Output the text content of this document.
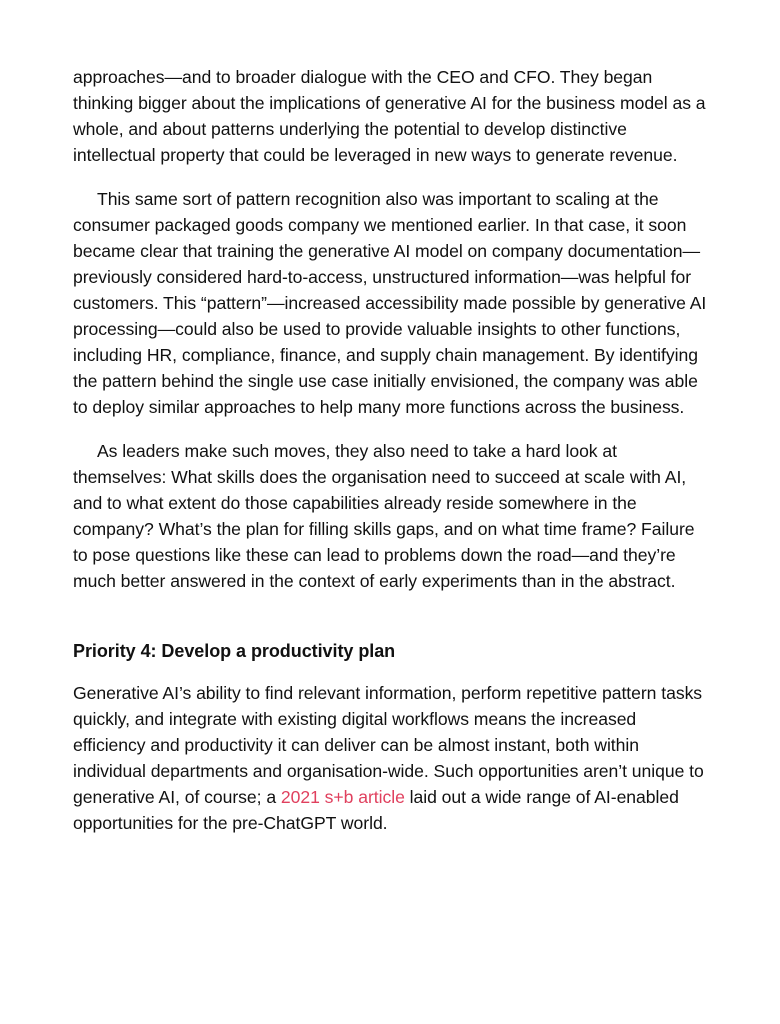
approaches—and to broader dialogue with the CEO and CFO. They began thinking bigger about the implications of generative AI for the business model as a whole, and about patterns underlying the potential to develop distinctive intellectual property that could be leveraged in new ways to generate revenue.

This same sort of pattern recognition also was important to scaling at the consumer packaged goods company we mentioned earlier. In that case, it soon became clear that training the generative AI model on company documentation—previously considered hard-to-access, unstructured information—was helpful for customers. This “pattern”—increased accessibility made possible by generative AI processing—could also be used to provide valuable insights to other functions, including HR, compliance, finance, and supply chain management. By identifying the pattern behind the single use case initially envisioned, the company was able to deploy similar approaches to help many more functions across the business.

As leaders make such moves, they also need to take a hard look at themselves: What skills does the organisation need to succeed at scale with AI, and to what extent do those capabilities already reside somewhere in the company? What’s the plan for filling skills gaps, and on what time frame? Failure to pose questions like these can lead to problems down the road—and they’re much better answered in the context of early experiments than in the abstract.

Priority 4: Develop a productivity plan

Generative AI’s ability to find relevant information, perform repetitive pattern tasks quickly, and integrate with existing digital workflows means the increased efficiency and productivity it can deliver can be almost instant, both within individual departments and organisation-wide. Such opportunities aren’t unique to generative AI, of course; a 2021 s+b article laid out a wide range of AI-enabled opportunities for the pre-ChatGPT world.
